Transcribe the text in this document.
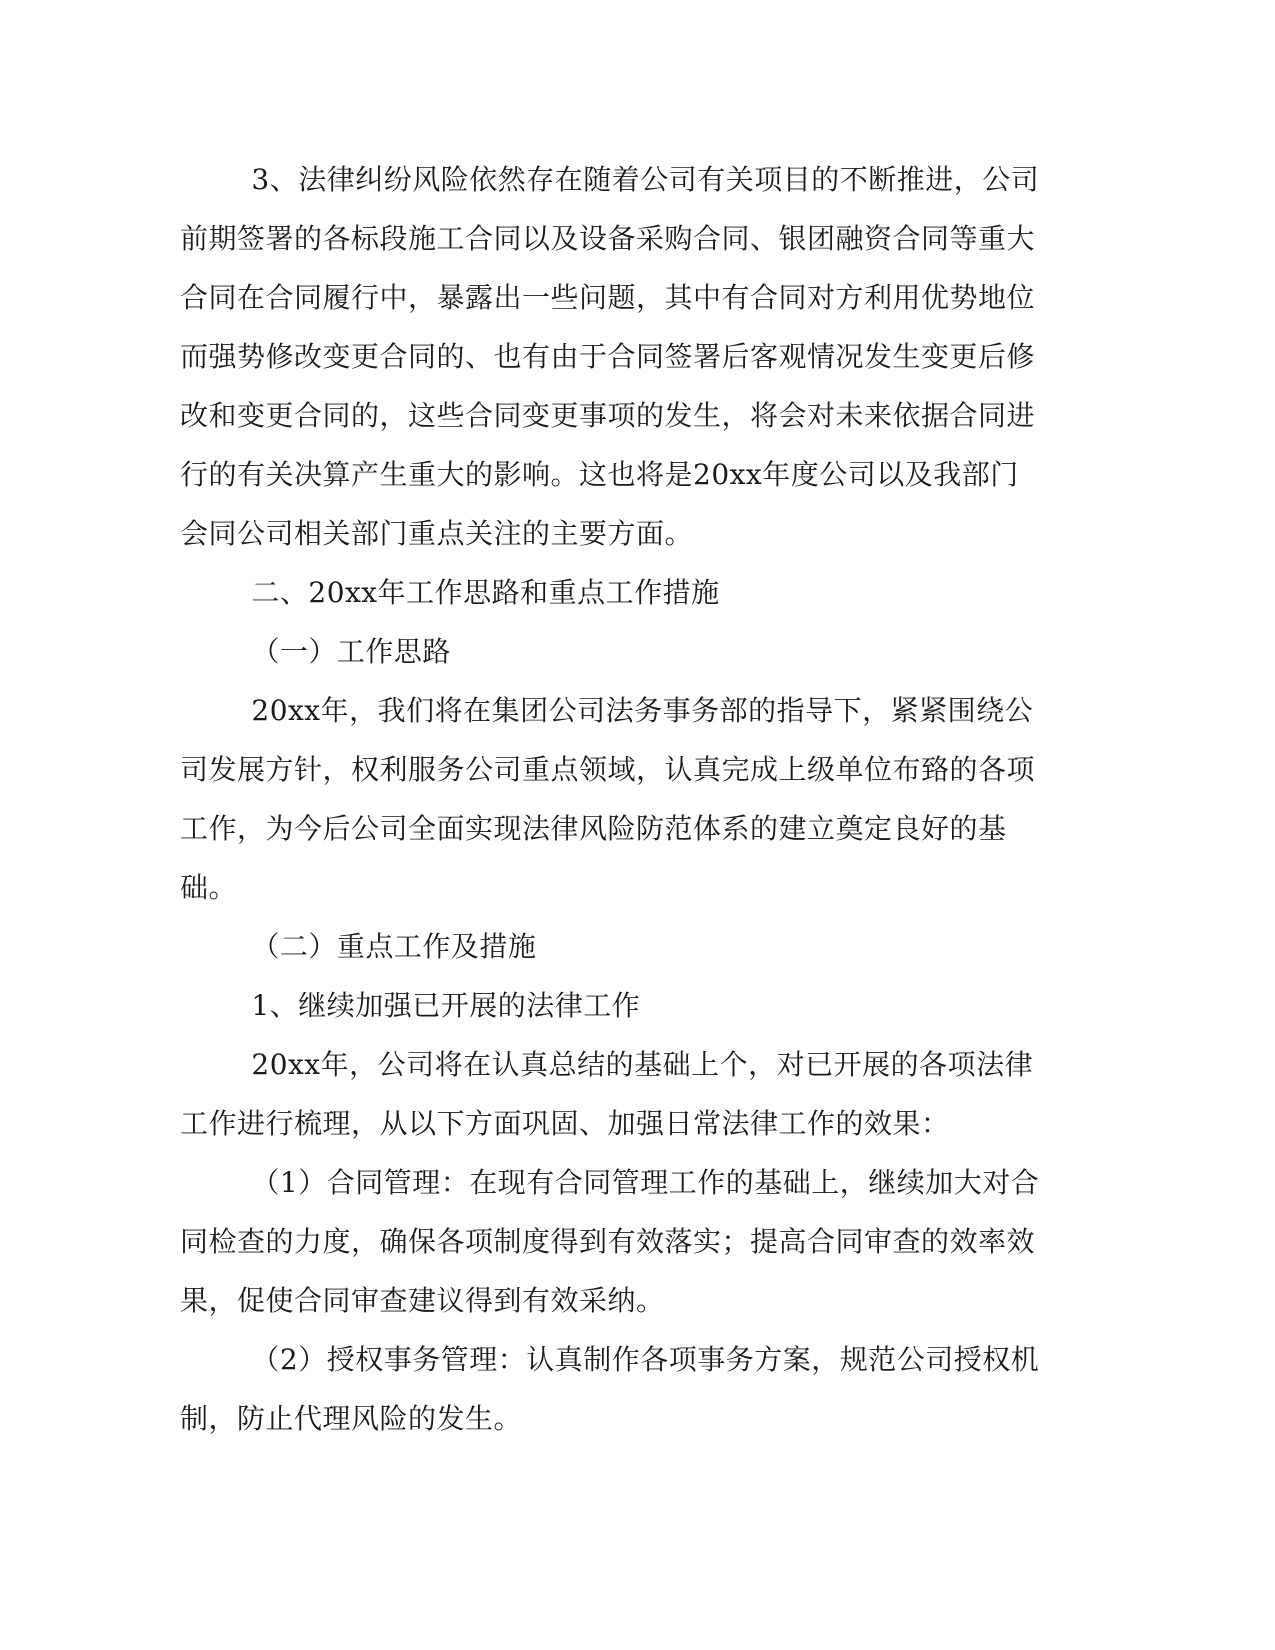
3、法律纠纷风险依然存在随着公司有关项目的不断推进，公司前期签署的各标段施工合同以及设备采购合同、银团融资合同等重大合同在合同履行中，暴露出一些问题，其中有合同对方利用优势地位而强势修改变更合同的、也有由于合同签署后客观情况发生变更后修改和变更合同的，这些合同变更事项的发生，将会对未来依据合同进行的有关决算产生重大的影响。这也将是20xx年度公司以及我部门会同公司相关部门重点关注的主要方面。

二、20xx年工作思路和重点工作措施

（一）工作思路

20xx年，我们将在集团公司法务事务部的指导下，紧紧围绕公司发展方针，权利服务公司重点领域，认真完成上级单位布臵的各项工作，为今后公司全面实现法律风险防范体系的建立奠定良好的基础。

（二）重点工作及措施

1、继续加强已开展的法律工作

20xx年，公司将在认真总结的基础上个，对已开展的各项法律工作进行梳理，从以下方面巩固、加强日常法律工作的效果：

（1）合同管理：在现有合同管理工作的基础上，继续加大对合同检查的力度，确保各项制度得到有效落实；提高合同审查的效率效果，促使合同审查建议得到有效采纳。

（2）授权事务管理：认真制作各项事务方案，规范公司授权机制，防止代理风险的发生。
